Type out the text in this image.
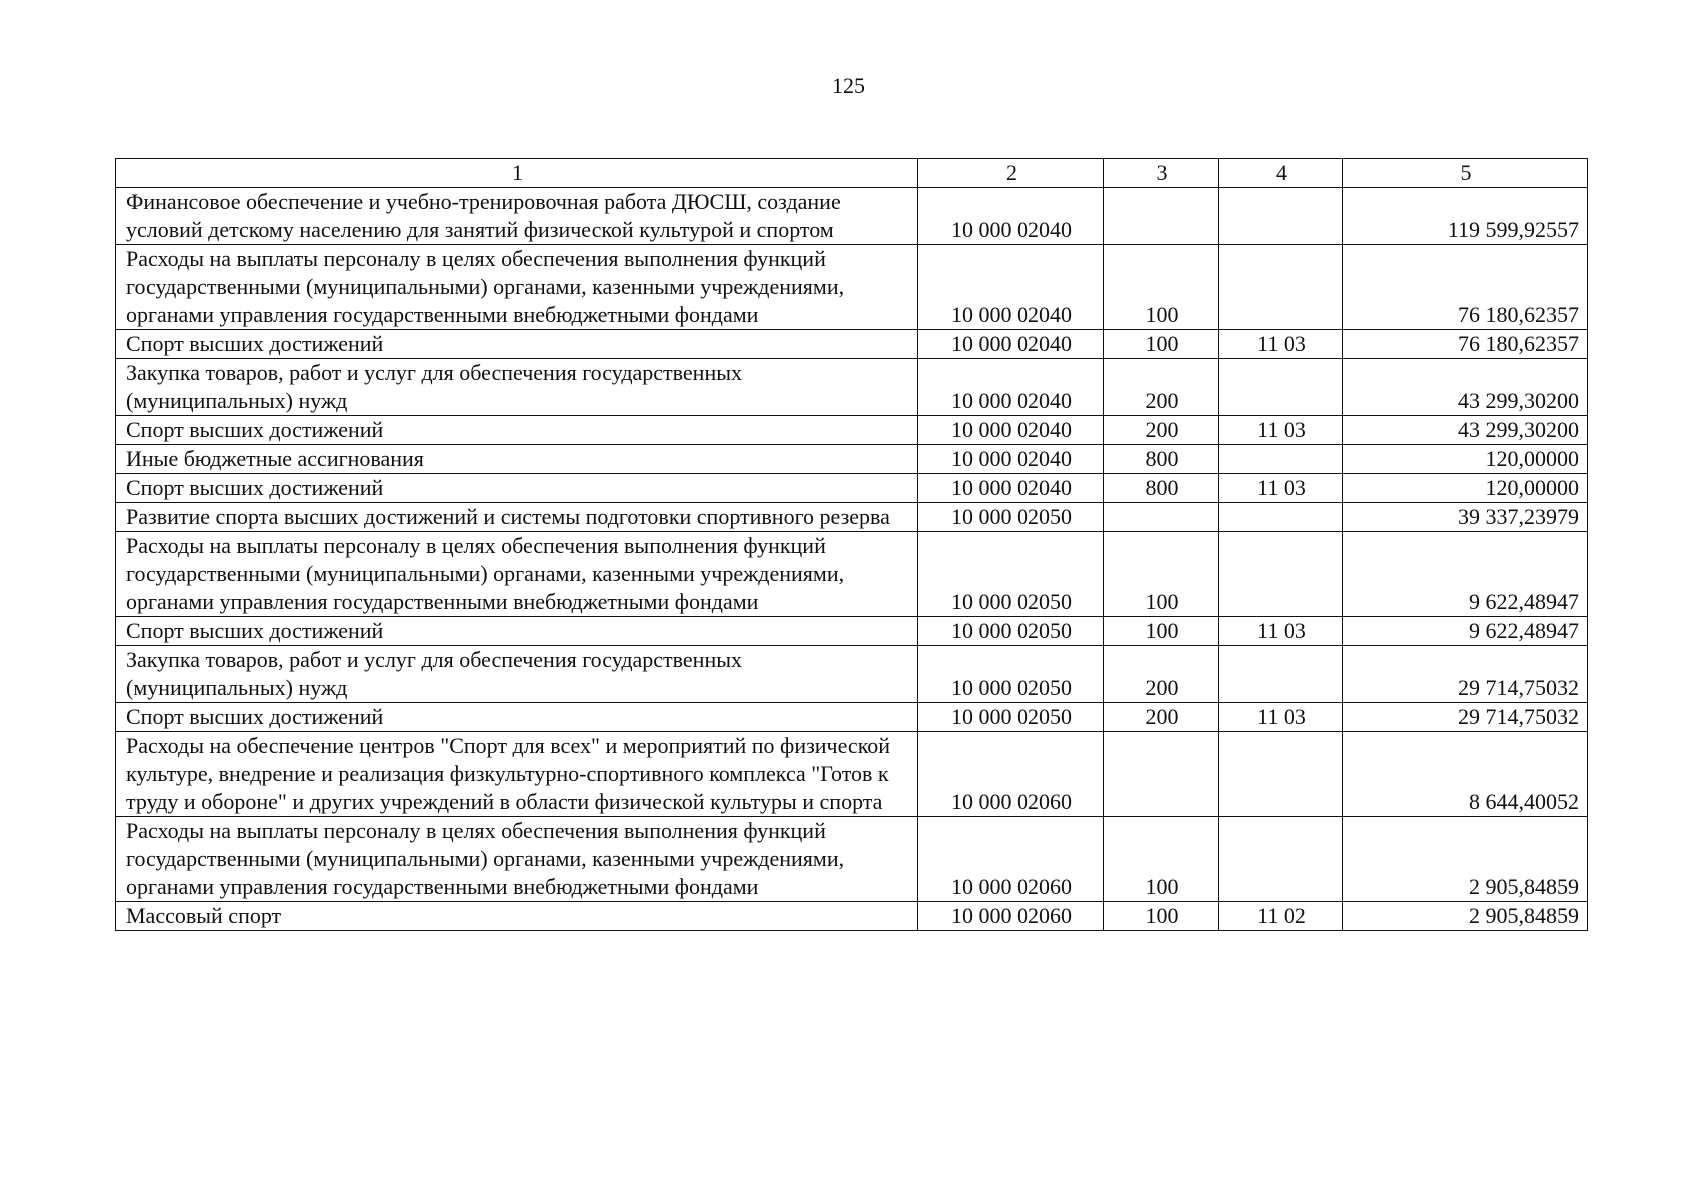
125
1	2	3	4	5
Финансовое обеспечение и учебно-тренировочная работа ДЮСШ, создание условий детскому населению для занятий физической культурой и спортом	10 000 02040			119 599,92557
Расходы на выплаты персоналу в целях обеспечения выполнения функций государственными (муниципальными) органами, казенными учреждениями, органами управления государственными внебюджетными фондами	10 000 02040	100		76 180,62357
Спорт высших достижений	10 000 02040	100	11 03	76 180,62357
Закупка товаров, работ и услуг для обеспечения государственных (муниципальных) нужд	10 000 02040	200		43 299,30200
Спорт высших достижений	10 000 02040	200	11 03	43 299,30200
Иные бюджетные ассигнования	10 000 02040	800		120,00000
Спорт высших достижений	10 000 02040	800	11 03	120,00000
Развитие спорта высших достижений и системы подготовки спортивного резерва	10 000 02050			39 337,23979
Расходы на выплаты персоналу в целях обеспечения выполнения функций государственными (муниципальными) органами, казенными учреждениями, органами управления государственными внебюджетными фондами	10 000 02050	100		9 622,48947
Спорт высших достижений	10 000 02050	100	11 03	9 622,48947
Закупка товаров, работ и услуг для обеспечения государственных (муниципальных) нужд	10 000 02050	200		29 714,75032
Спорт высших достижений	10 000 02050	200	11 03	29 714,75032
Расходы на обеспечение центров "Спорт для всех" и мероприятий по физической культуре, внедрение и реализация физкультурно-спортивного комплекса "Готов к труду и обороне" и других учреждений в области физической культуры и спорта	10 000 02060			8 644,40052
Расходы на выплаты персоналу в целях обеспечения выполнения функций государственными (муниципальными) органами, казенными учреждениями, органами управления государственными внебюджетными фондами	10 000 02060	100		2 905,84859
Массовый спорт	10 000 02060	100	11 02	2 905,84859
